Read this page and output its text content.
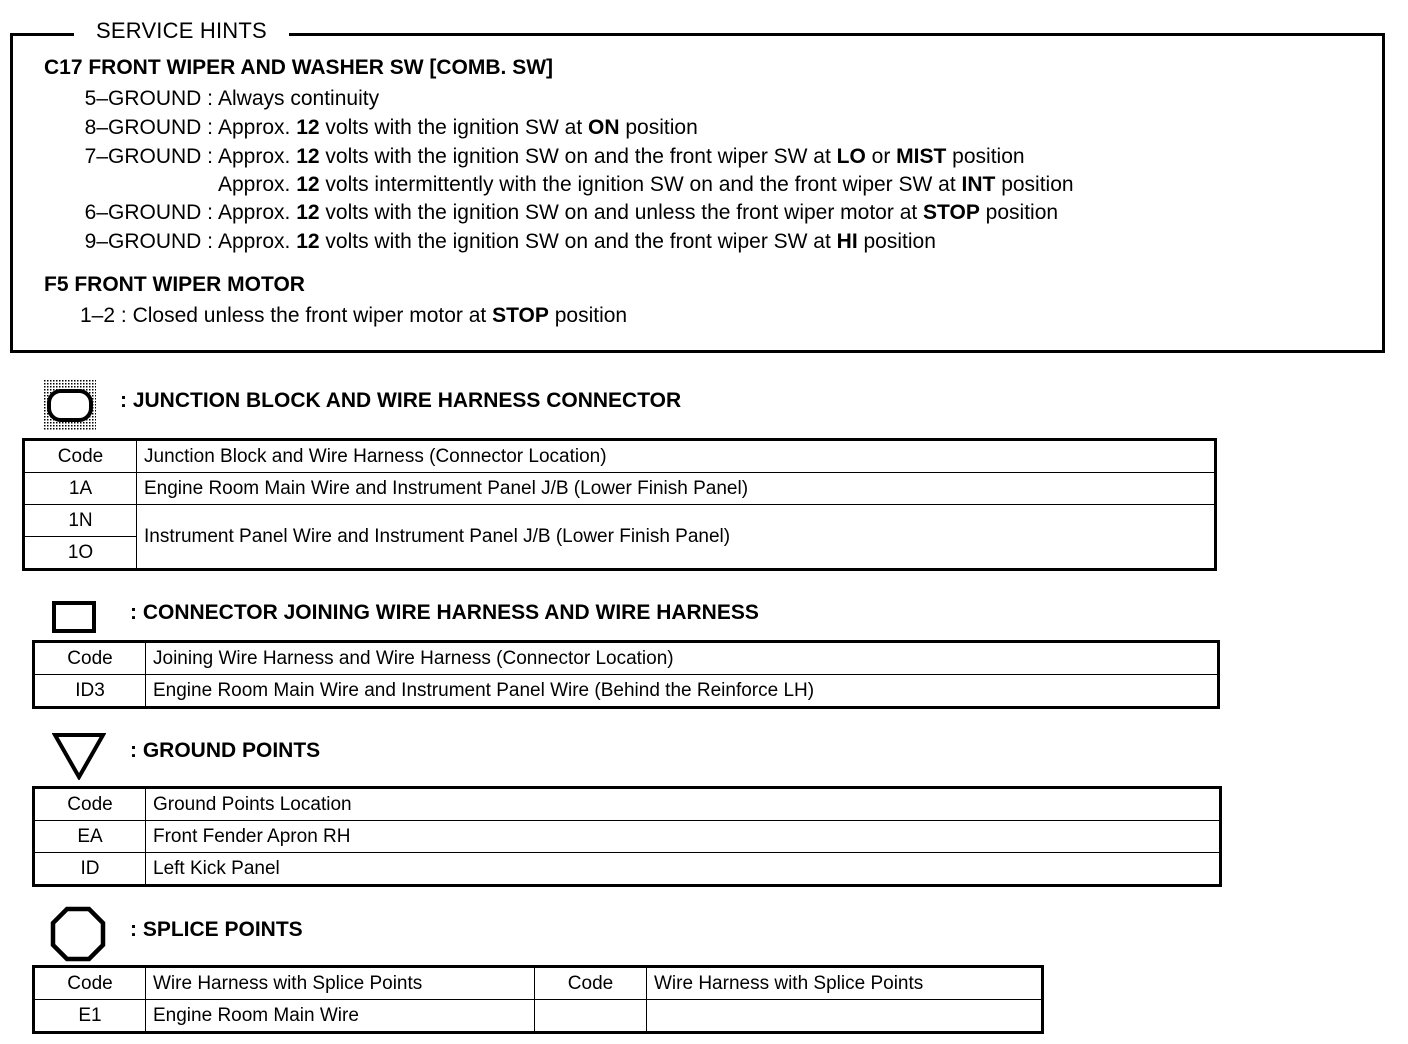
SERVICE HINTS
C17 FRONT WIPER AND WASHER SW [COMB. SW]
5–GROUND : Always continuity
8–GROUND : Approx. 12 volts with the ignition SW at ON position
7–GROUND : Approx. 12 volts with the ignition SW on and the front wiper SW at LO or MIST position
Approx. 12 volts intermittently with the ignition SW on and the front wiper SW at INT position
6–GROUND : Approx. 12 volts with the ignition SW on and unless the front wiper motor at STOP position
9–GROUND : Approx. 12 volts with the ignition SW on and the front wiper SW at HI position
F5 FRONT WIPER MOTOR
1–2 : Closed unless the front wiper motor at STOP position
: JUNCTION BLOCK AND WIRE HARNESS CONNECTOR
Code	Junction Block and Wire Harness (Connector Location)
1A	Engine Room Main Wire and Instrument Panel J/B (Lower Finish Panel)
1N	Instrument Panel Wire and Instrument Panel J/B (Lower Finish Panel)
1O	
: CONNECTOR JOINING WIRE HARNESS AND WIRE HARNESS
Code	Joining Wire Harness and Wire Harness (Connector Location)
ID3	Engine Room Main Wire and Instrument Panel Wire (Behind the Reinforce LH)
: GROUND POINTS
Code	Ground Points Location
EA	Front Fender Apron RH
ID	Left Kick Panel
: SPLICE POINTS
Code	Wire Harness with Splice Points	Code	Wire Harness with Splice Points
E1	Engine Room Main Wire		
